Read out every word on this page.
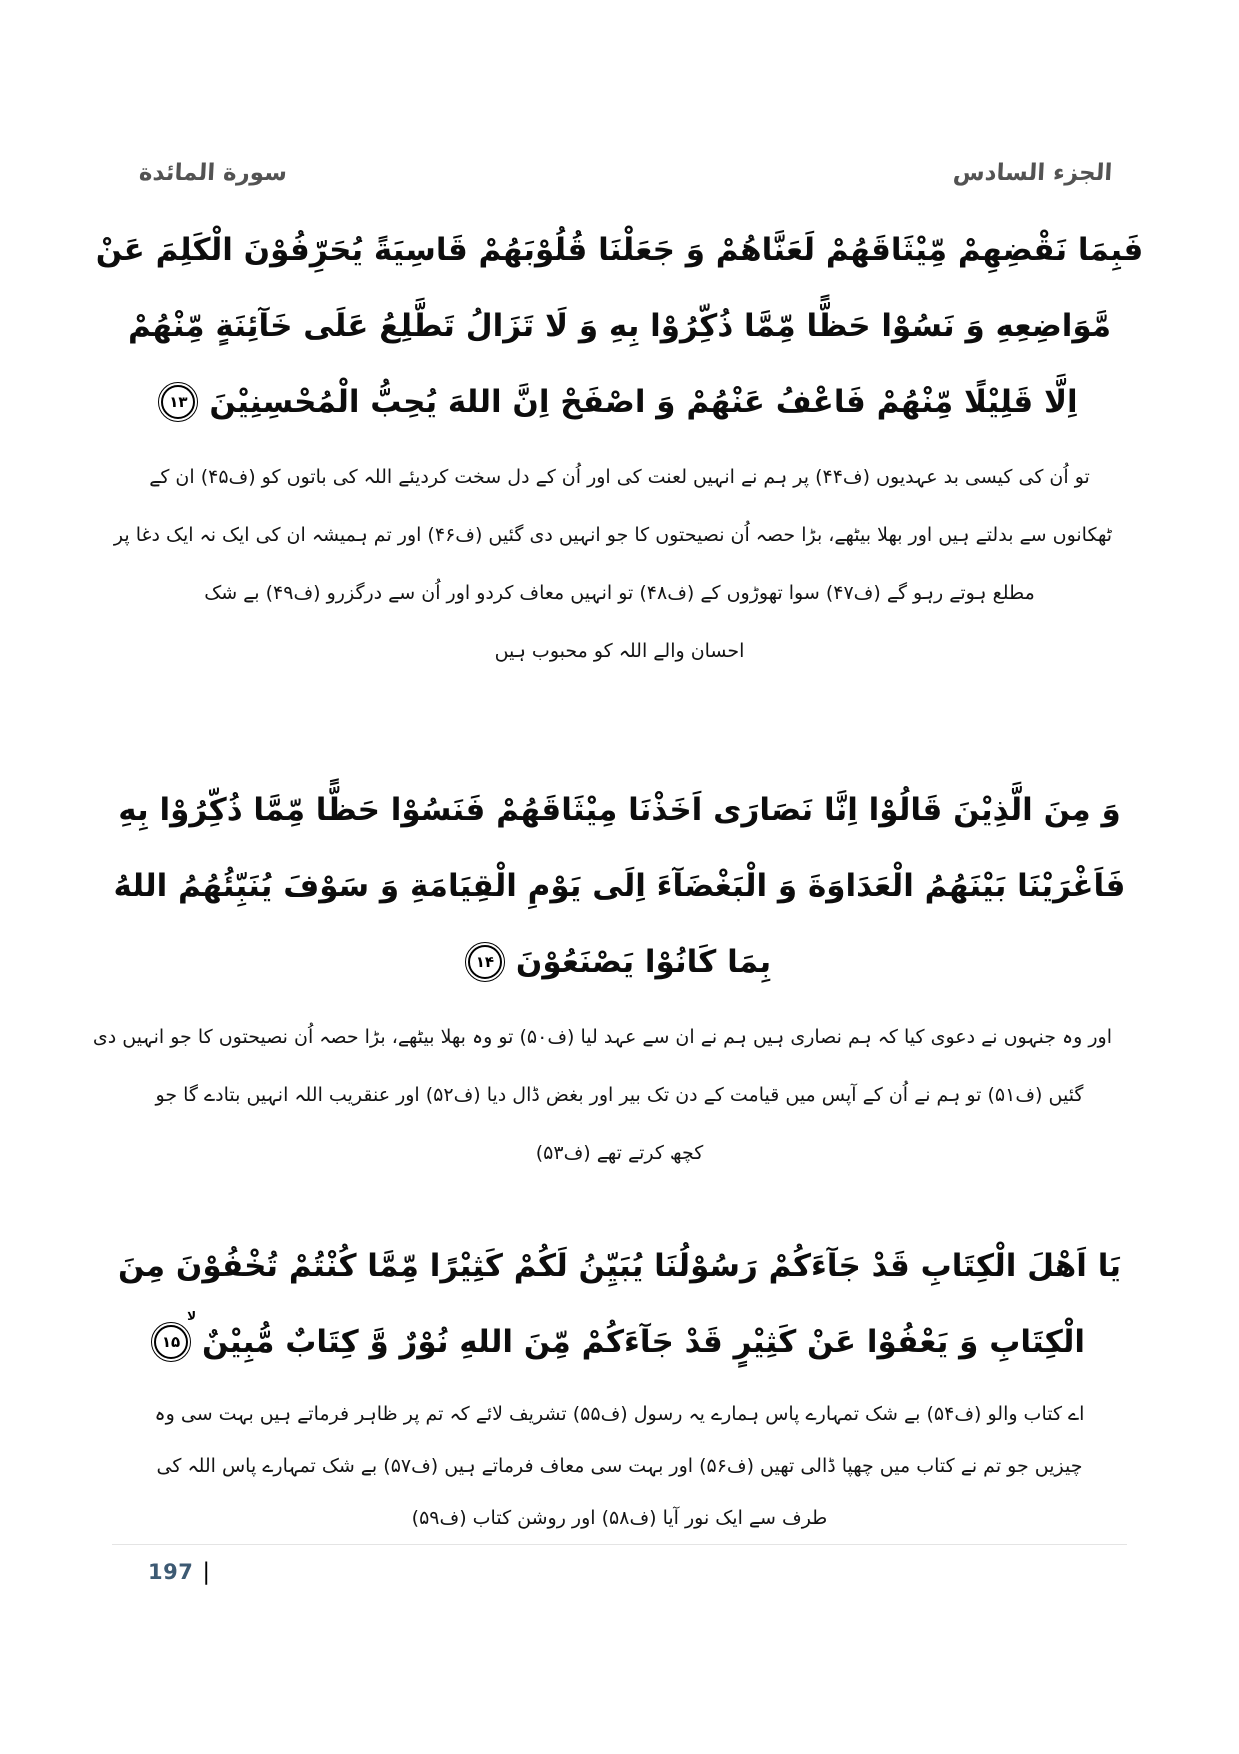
سورة المائدة	الجزء السادس

فَبِمَا نَقْضِهِمْ مِّيْثَاقَهُمْ لَعَنَّاهُمْ وَ جَعَلْنَا قُلُوْبَهُمْ قَاسِيَةً يُحَرِّفُوْنَ الْكَلِمَ عَنْ

مَّوَاضِعِهِ وَ نَسُوْا حَظًّا مِّمَّا ذُكِّرُوْا بِهِ وَ لَا تَزَالُ تَطَّلِعُ عَلَى خَآئِنَةٍ مِّنْهُمْ

اِلَّا قَلِيْلًا مِّنْهُمْ فَاعْفُ عَنْهُمْ وَ اصْفَحْ اِنَّ اللهَ يُحِبُّ الْمُحْسِنِيْنَ
۱۳

تو اُن کی کیسی بد عہدیوں (ف۴۴) پر ہم نے انہیں لعنت کی اور اُن کے دل سخت کردیئے اللہ کی باتوں کو (ف۴۵) ان کے

ٹھکانوں سے بدلتے ہیں اور بھلا بیٹھے، بڑا حصہ اُن نصیحتوں کا جو انہیں دی گئیں (ف۴۶) اور تم ہمیشہ ان کی ایک نہ ایک دغا پر

مطلع ہوتے رہو گے (ف۴۷) سوا تھوڑوں کے (ف۴۸) تو انہیں معاف کردو اور اُن سے درگزرو (ف۴۹) بے شک

احسان والے اللہ کو محبوب ہیں

وَ مِنَ الَّذِيْنَ قَالُوْا اِنَّا نَصَارَى اَخَذْنَا مِيْثَاقَهُمْ فَنَسُوْا حَظًّا مِّمَّا ذُكِّرُوْا بِهِ

فَاَغْرَيْنَا بَيْنَهُمُ الْعَدَاوَةَ وَ الْبَغْضَآءَ اِلَى يَوْمِ الْقِيَامَةِ وَ سَوْفَ يُنَبِّئُهُمُ اللهُ

بِمَا كَانُوْا يَصْنَعُوْنَ
۱۴

اور وہ جنہوں نے دعوی کیا کہ ہم نصاری ہیں ہم نے ان سے عہد لیا (ف۵۰) تو وہ بھلا بیٹھے، بڑا حصہ اُن نصیحتوں کا جو انہیں دی

گئیں (ف۵۱) تو ہم نے اُن کے آپس میں قیامت کے دن تک بیر اور بغض ڈال دیا (ف۵۲) اور عنقریب اللہ انہیں بتادے گا جو

کچھ کرتے تھے (ف۵۳)

يَا اَهْلَ الْكِتَابِ قَدْ جَآءَكُمْ رَسُوْلُنَا يُبَيِّنُ لَكُمْ كَثِيْرًا مِّمَّا كُنْتُمْ تُخْفُوْنَ مِنَ

الْكِتَابِ وَ يَعْفُوْا عَنْ كَثِيْرٍ قَدْ جَآءَكُمْ مِّنَ اللهِ نُوْرٌ وَّ كِتَابٌ مُّبِيْنٌ
لا
۱۵

اے کتاب والو (ف۵۴) بے شک تمہارے پاس ہمارے یہ رسول (ف۵۵) تشریف لائے کہ تم پر ظاہر فرماتے ہیں بہت سی وہ

چیزیں جو تم نے کتاب میں چھپا ڈالی تھیں (ف۵۶) اور بہت سی معاف فرماتے ہیں (ف۵۷) بے شک تمہارے پاس اللہ کی

طرف سے ایک نور آیا (ف۵۸) اور روشن کتاب (ف۵۹)

197 |
